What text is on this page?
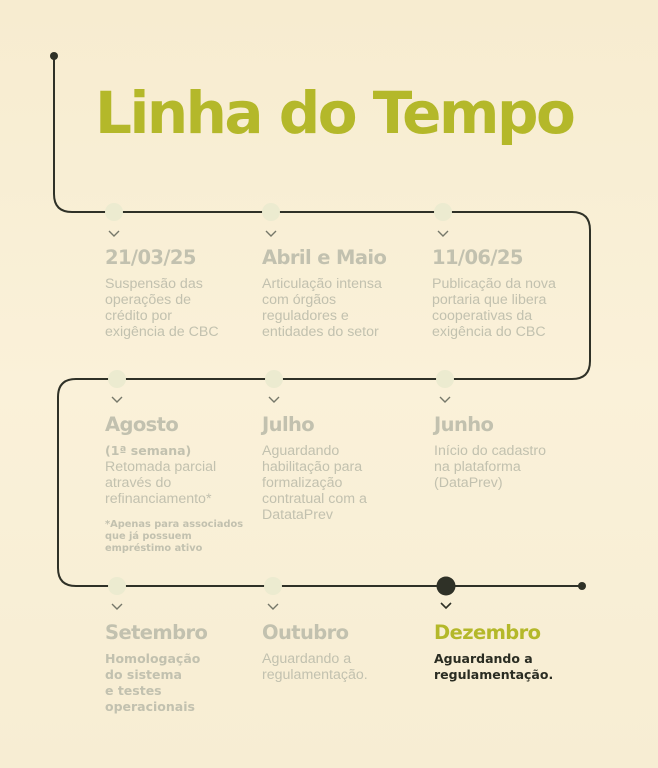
Linha do Tempo
21/03/25
Suspensão das operações de crédito por exigência de CBC
Abril e Maio
Articulação intensa com órgãos reguladores e entidades do setor
11/06/25
Publicação da nova portaria que libera cooperativas da exigência do CBC
Agosto
(1ª semana)
Retomada parcial através do refinanciamento*
*Apenas para associados que já possuem empréstimo ativo
Julho
Aguardando habilitação para formalização contratual com a DatataPrev
Junho
Início do cadastro na plataforma (DataPrev)
Setembro
Homologação do sistema e testes operacionais
Outubro
Aguardando a regulamentação.
Dezembro
Aguardando a regulamentação.
